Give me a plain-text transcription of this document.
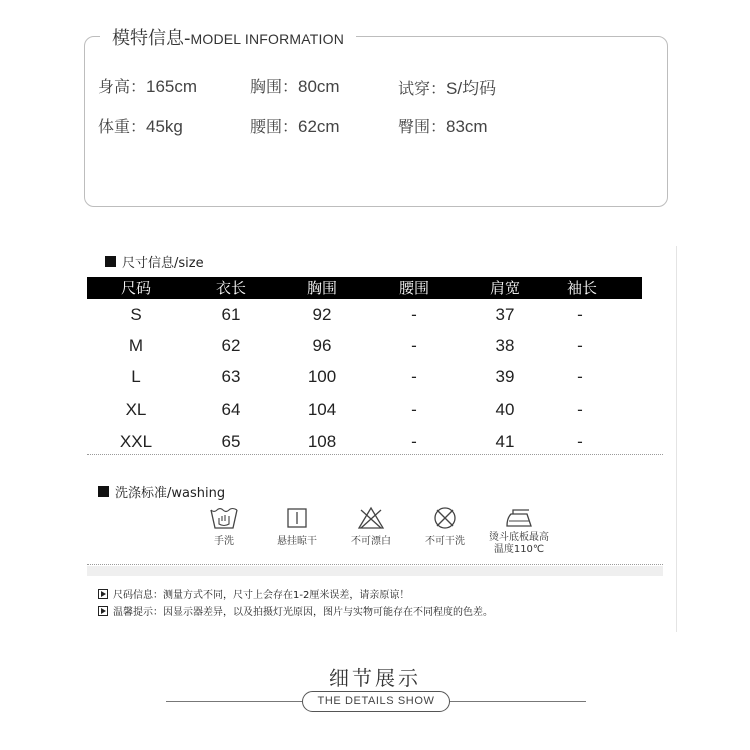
模特信息- MODEL INFORMATION
身高：165cm	胸围：80cm	试穿：S/均码
体重：45kg	腰围：62cm	臀围：83cm
尺寸信息/size
尺码	衣长	胸围	腰围	肩宽	袖长
S	61	92	-	37	-
M	62	96	-	38	-
L	63	100	-	39	-
XL	64	104	-	40	-
XXL	65	108	-	41	-
洗涤标准/washing
手洗	悬挂晾干	不可漂白	不可干洗	烫斗底板最高
温度110℃
尺码信息：测量方式不同，尺寸上会存在1-2厘米误差，请亲原谅！
温馨提示：因显示器差异，以及拍摄灯光原因，图片与实物可能存在不同程度的色差。
细节展示
THE DETAILS SHOW
